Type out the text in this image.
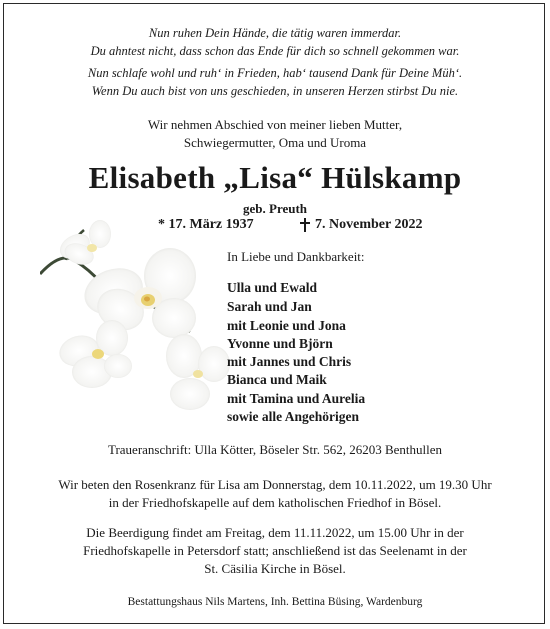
Nun ruhen Dein Hände, die tätig waren immerdar.
Du ahntest nicht, dass schon das Ende für dich so schnell gekommen war.
Nun schlafe wohl und ruh‘ in Frieden, hab‘ tausend Dank für Deine Müh‘.
Wenn Du auch bist von uns geschieden, in unseren Herzen stirbst Du nie.
Wir nehmen Abschied von meiner lieben Mutter,
Schwiegermutter, Oma und Uroma
Elisabeth „Lisa“ Hülskamp
geb. Preuth
* 17. März 1937	7. November 2022
In Liebe und Dankbarkeit:
Ulla und Ewald
Sarah und Jan
mit Leonie und Jona
Yvonne und Björn
mit Jannes und Chris
Bianca und Maik
mit Tamina und Aurelia
sowie alle Angehörigen
Traueranschrift: Ulla Kötter, Böseler Str. 562, 26203 Benthullen
Wir beten den Rosenkranz für Lisa am Donnerstag, dem 10.11.2022, um 19.30 Uhr
in der Friedhofskapelle auf dem katholischen Friedhof in Bösel.
Die Beerdigung findet am Freitag, dem 11.11.2022, um 15.00 Uhr in der
Friedhofskapelle in Petersdorf statt; anschließend ist das Seelenamt in der
St. Cäsilia Kirche in Bösel.
Bestattungshaus Nils Martens, Inh. Bettina Büsing, Wardenburg
